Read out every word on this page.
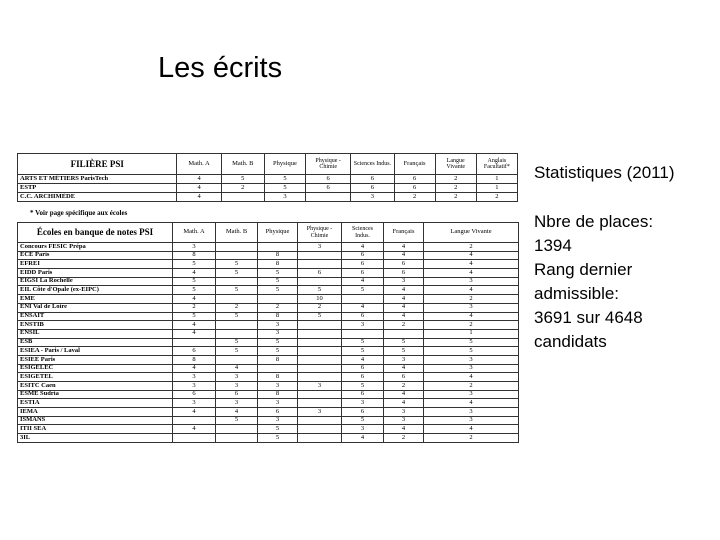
Les écrits
FILIÈRE PSI	Math. A	Math. B	Physique	Physique - Chimie	Sciences Indus.	Français	Langue Vivante	Anglais Facultatif*
ARTS ET MÉTIERS ParisTech	4	5	5	6	6	6	2	1
ESTP	4	2	5	6	6	6	2	1
C.C. ARCHIMÈDE	4		3		3	2	2	2
* Voir page spécifique aux écoles
Écoles en banque de notes PSI	Math. A	Math. B	Physique	Physique - Chimie	Sciences Indus.	Français	Langue Vivante
Concours FESIC Prépa	3			3	4	4	2
ECE Paris	8		8		6	4	4
EFREI	5	5	8		6	6	4
EIDD Paris	4	5	5	6	6	6	4
EIGSI La Rochelle	5		5		4	3	3
EIL Côte d'Opale (ex-EIPC)	5	5	5	5	5	4	4
EME	4			10		4	2
ENI Val de Loire	2	2	2	2	4	4	3
ENSAIT	5	5	8	5	6	4	4
ENSTIB	4		3		3	2	2
ENSIL	4		3				1
ESB		5	5		5	5	5
ESIEA - Paris / Laval	6	5	5		5	5	5
ESIEE Paris	8		8		4	3	3
ESIGELEC	4	4			6	4	3
ESIGETEL	3	3	8		6	6	4
ESITC Caen	3	3	3	3	5	2	2
ESME Sudria	6	6	8		6	4	3
ESTIA	3	3	3		3	4	4
IEMA	4	4	6	3	6	3	3
ISMANS		5	3		5	3	3
ITII SEA	4		5		3	4	4
3IL			5		4	2	2
Statistiques (2011)
Nbre de places:
1394
Rang dernier
admissible:
3691 sur 4648
candidats
